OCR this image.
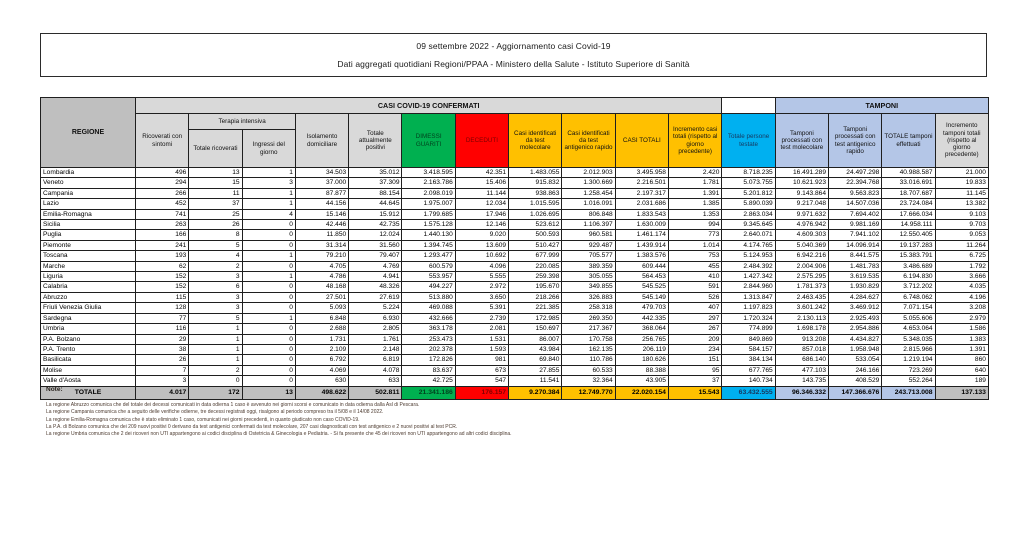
09 settembre 2022 - Aggiornamento casi Covid-19
Dati aggregati quotidiani Regioni/PPAA - Ministero della Salute - Istituto Superiore di Sanità
REGIONE	CASI COVID-19 CONFERMATI												TAMPONI			
	Ricoverati con sintomi	Terapia intensiva		Isolamento domiciliare	Totale attualmente positivi	DIMESSI GUARITI	DECEDUTI	Casi identificati da test molecolare	Casi identificati da test antigenico rapido	CASI TOTALI	Incremento casi totali (rispetto al giorno precedente)	Totale persone testate	Tamponi processati con test molecolare	Tamponi processati con test antigenico rapido	TOTALE tamponi effettuati	Incremento tamponi totali (rispetto al giorno precedente)
		Totale ricoverati	Ingressi del giorno													
Lombardia	496	13	1	34.503	35.012	3.418.595	42.351	1.483.055	2.012.903	3.495.958	2.420	8.718.235	16.491.289	24.497.298	40.988.587	21.000
Veneto	294	15	3	37.000	37.309	2.163.786	15.406	915.832	1.300.669	2.216.501	1.781	5.073.755	10.621.923	22.394.768	33.016.691	19.833
Campania	266	11	1	87.877	88.154	2.098.019	11.144	938.863	1.258.454	2.197.317	1.391	5.201.812	9.143.864	9.563.823	18.707.687	11.145
Lazio	452	37	1	44.156	44.645	1.975.007	12.034	1.015.595	1.016.091	2.031.686	1.385	5.890.039	9.217.048	14.507.036	23.724.084	13.382
Emilia-Romagna	741	25	4	15.146	15.912	1.799.685	17.946	1.026.695	806.848	1.833.543	1.353	2.863.034	9.971.632	7.694.402	17.666.034	9.103
Sicilia	263	26	0	42.446	42.735	1.575.128	12.146	523.612	1.106.397	1.630.009	994	9.345.645	4.976.942	9.981.169	14.958.111	9.703
Puglia	166	8	0	11.850	12.024	1.440.130	9.020	500.593	960.581	1.461.174	773	2.640.071	4.609.303	7.941.102	12.550.405	9.053
Piemonte	241	5	0	31.314	31.560	1.394.745	13.609	510.427	929.487	1.439.914	1.014	4.174.765	5.040.369	14.096.914	19.137.283	11.264
Toscana	193	4	1	79.210	79.407	1.293.477	10.692	677.999	705.577	1.383.576	753	5.124.953	6.942.216	8.441.575	15.383.791	6.725
Marche	62	2	0	4.705	4.769	600.579	4.096	220.085	389.359	609.444	455	2.484.392	2.004.906	1.481.783	3.486.689	1.792
Liguria	152	3	1	4.786	4.941	553.957	5.555	259.398	305.055	564.453	410	1.427.342	2.575.295	3.619.535	6.194.830	3.666
Calabria	152	6	0	48.168	48.326	494.227	2.972	195.670	349.855	545.525	591	2.844.960	1.781.373	1.930.829	3.712.202	4.035
Abruzzo	115	3	0	27.501	27.619	513.880	3.650	218.266	326.883	545.149	526	1.313.847	2.463.435	4.284.627	6.748.062	4.196
Friuli Venezia Giulia	128	3	0	5.093	5.224	469.088	5.391	221.385	258.318	479.703	407	1.197.823	3.601.242	3.469.912	7.071.154	3.208
Sardegna	77	5	1	6.848	6.930	432.666	2.739	172.985	269.350	442.335	297	1.720.324	2.130.113	2.925.493	5.055.606	2.979
Umbria	116	1	0	2.688	2.805	363.178	2.081	150.697	217.367	368.064	267	774.899	1.698.178	2.954.886	4.653.064	1.586
P.A. Bolzano	29	1	0	1.731	1.761	253.473	1.531	86.007	170.758	256.765	209	849.869	913.208	4.434.827	5.348.035	1.383
P.A. Trento	38	1	0	2.109	2.148	202.378	1.593	43.984	162.135	206.119	234	584.157	857.018	1.958.948	2.815.966	1.391
Basilicata	26	1	0	6.792	6.819	172.826	981	69.840	110.786	180.626	151	384.134	686.140	533.054	1.219.194	860
Molise	7	2	0	4.069	4.078	83.637	673	27.855	60.533	88.388	95	677.765	477.103	246.166	723.269	640
Valle d'Aosta	3	0	0	630	633	42.725	547	11.541	32.364	43.905	37	140.734	143.735	408.529	552.264	189
TOTALE	4.017	172	13	498.622	502.811	21.341.186	176.157	9.270.384	12.749.770	22.020.154	15.543	63.432.555	96.346.332	147.366.676	243.713.008	137.133
Note:
La regione Abruzzo comunica che del totale dei decessi comunicati in data odierna 1 caso è avvenuto nei giorni scorsi e comunicato in data odierna dalla Asl di Pescara.
La regione Campania comunica che a seguito delle verifiche odierne, tre decessi registrati oggi, risalgono al periodo compreso tra il 5/08 e il 14/08 2022.
La regione Emilia-Romagna comunica che è stato eliminato 1 caso, comunicati nei giorni precedenti, in quanto giudicato non caso COVID-19.
La P.A. di Bolzano comunica che dei 209 nuovi positivi 0 derivano da test antigenici confermati da test molecolare, 207 casi diagnosticati con test antigenico e 2 nuovi positivi al test PCR.
La regione Umbria comunica che 2 dei ricoveri non UTI appartengono ai codici disciplina di Ostetricia & Ginecologia e Pediatria. - Si fa presente che 45 dei ricoveri non UTI appartengono ad altri codici disciplina.
